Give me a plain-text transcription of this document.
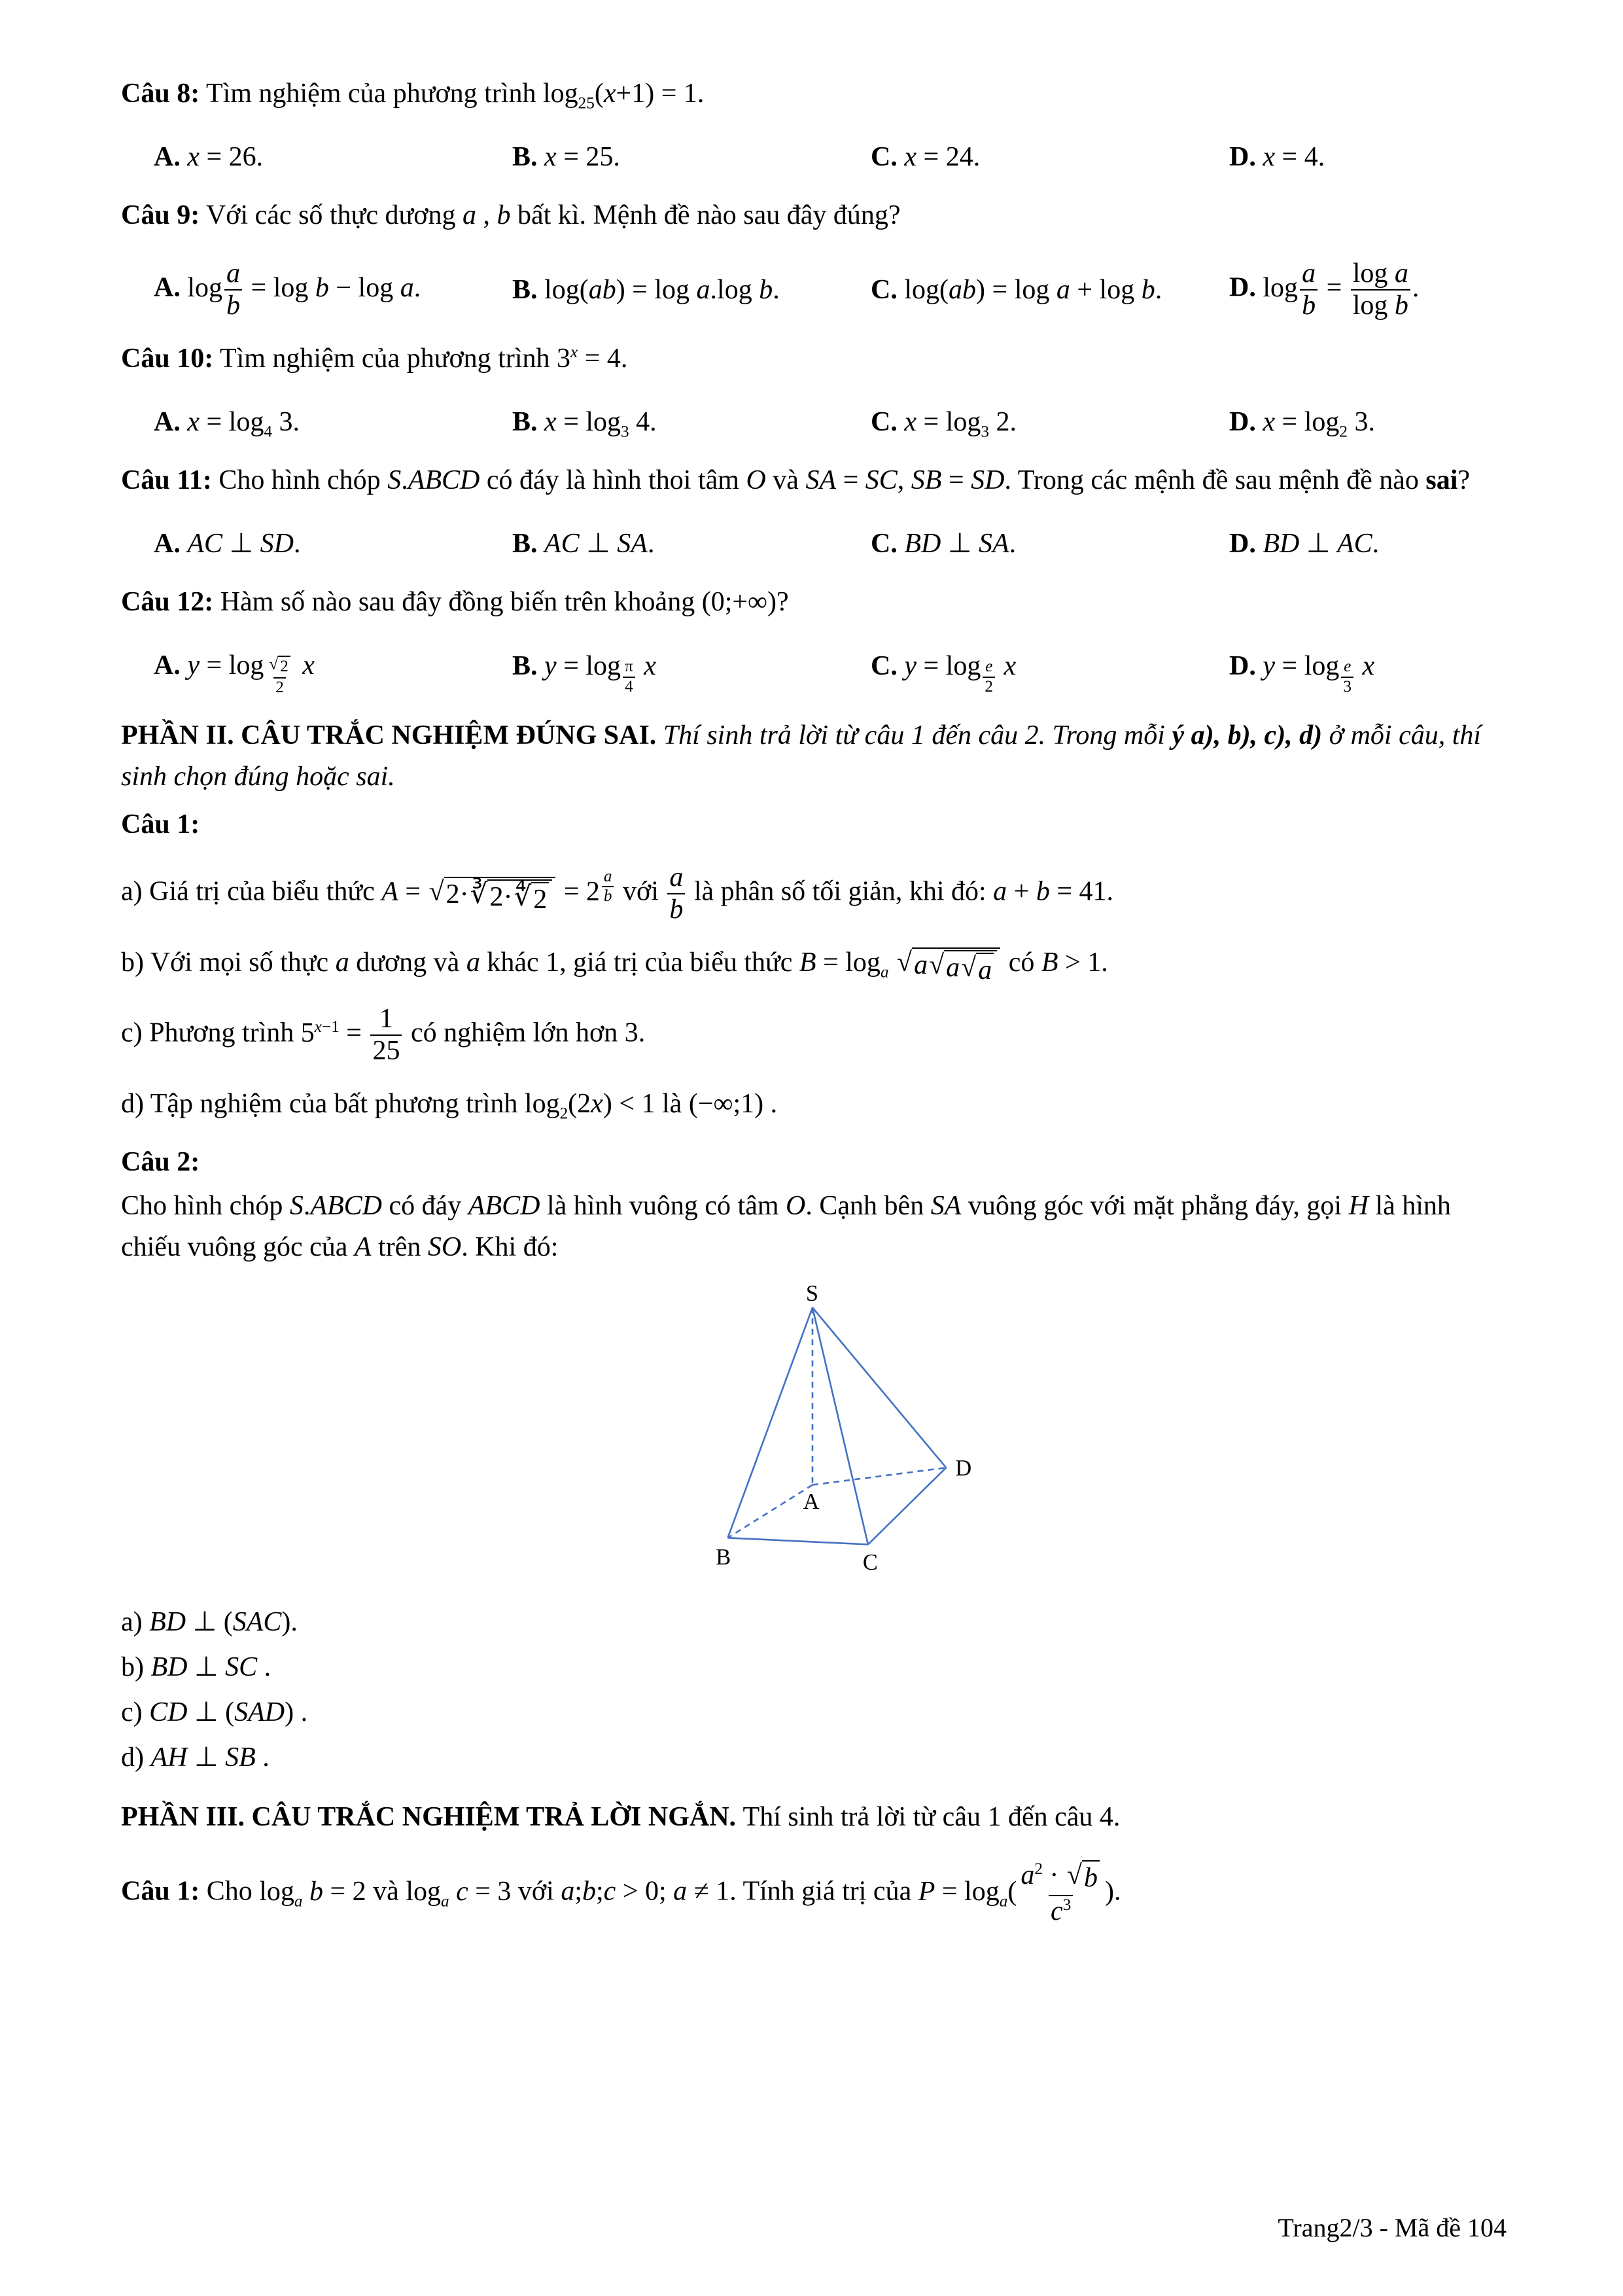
Câu 8: Tìm nghiệm của phương trình $\log_{25}(x+1) = 1$.

A. x = 26.	B. x = 25.	C. x = 24.	D. x = 4.

Câu 9: Với các số thực dương a , b bất kì. Mệnh đề nào sau đây đúng?

A. $\log \frac{a}{b} = \log b - \log a$.	B. log(ab) = log a.log b.	C. log(ab) = log a + log b.	D. $\log \frac{a}{b} = \frac{\text{log a}}{\text{log b}}$ .

Câu 10: Tìm nghiệm của phương trình $3^x = 4$.

A. $x = \log_4 3$.	B. $x = \log_3 4$.	C. $x = \log_3 2$.	D. $x = \log_2 3$.

Câu 11: Cho hình chóp S.ABCD có đáy là hình thoi tâm O và SA = SC, SB = SD. Trong các mệnh đề sau mệnh đề nào sai?

A. AC ⊥ SD.	B. AC ⊥ SA.	C. BD ⊥ SA.	D. BD ⊥ AC.

Câu 12: Hàm số nào sau đây đồng biến trên khoảng (0;+∞)?

A. y = log $_{\frac{√ 2}{2}}$ x	B. y = log $_{\frac{\pi}{4}}$ x	C. y = log $_{\frac{e}{2}}$ x	D. y = log $_{\frac{e}{3}}$ x

PHẦN II. CÂU TRẮC NGHIỆM ĐÚNG SAI. Thí sinh trả lời từ câu 1 đến câu 2. Trong mỗi ý a), b), c), d) ở mỗi câu, thí sinh chọn đúng hoặc sai.

Câu 1:

a) Giá trị của biểu thức A = √ 2· ∛ 2· ∜ 2 = 2 $^{\frac{a}{b}}$ với $\frac{a}{b}$ là phân số tối giản, khi đó: a + b = 41.

b) Với mọi số thực a dương và a khác 1, giá trị của biểu thức $B = \log_a$ √ a √ a √ a có B > 1.

c) Phương trình $5^{x-1} = \frac{1}{25}$ có nghiệm lớn hơn 3.

d) Tập nghiệm của bất phương trình $\log_2(2x) < 1$ là (−∞;1) .

Câu 2:

Cho hình chóp S.ABCD có đáy ABCD là hình vuông có tâm O. Cạnh bên SA vuông góc với mặt phẳng đáy, gọi H là hình chiếu vuông góc của A trên SO. Khi đó:

S
A
B	C
D

a) BD ⊥ (SAC).

b) BD ⊥ SC .

c) CD ⊥ (SAD) .

d) AH ⊥ SB .

PHẦN III. CÂU TRẮC NGHIỆM TRẢ LỜI NGẮN. Thí sinh trả lời từ câu 1 đến câu 4.

Câu 1: Cho $\log_a b = 2$ và $\log_a c = 3$ với a;b;c > 0; a ≠ 1. Tính giá trị của $P = \log_a( \frac{a^2 \cdot √ b}{c^3}$ ).

Trang2/3 - Mã đề 104
